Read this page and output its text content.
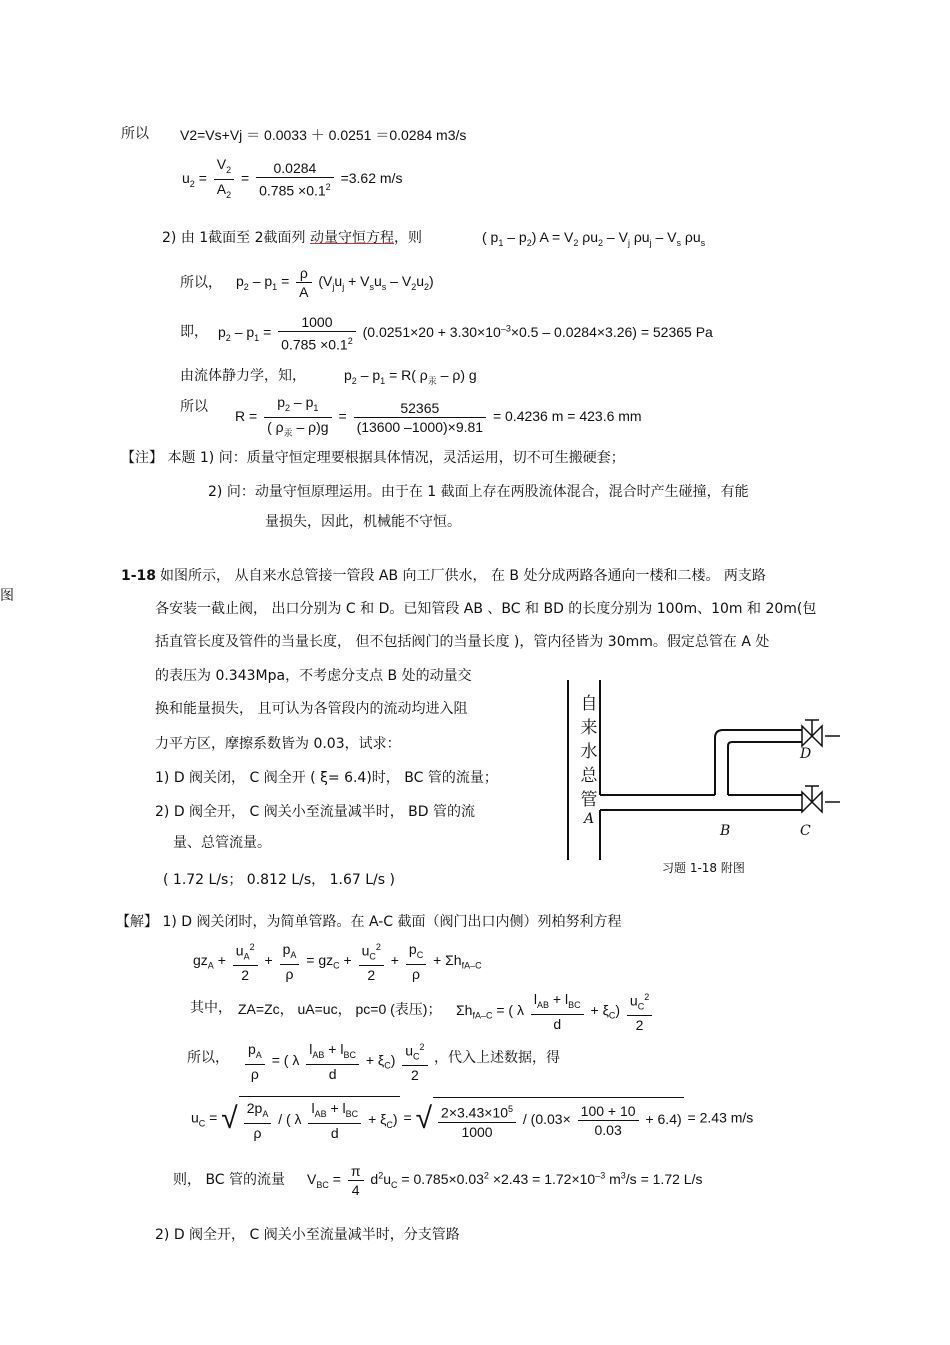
图
所以 V2=Vs+Vj ＝ 0.0033 ＋ 0.0251 ＝0.0284 m3/s
$u_2 = \frac{V_2}{A_2} = \frac{0.0284}{0.785 \times 0.1^2} =3.62$ m/s
2) 由 1截面至 2截面列 动量守恒方程，则	( $p_1 - p_2$) $A = V_2$ $\rho u_2 - V_j$ $\rho u_j - V_s$ $\rho u_s$
所以， $p_2 - p_1 = \frac{\rho}{A} (V_ju_j + V_su_s - V_2u_2)$
即， $p_2 - p_1 = \frac{1000}{0.785 \times 0.1^2} (0.0251\times 20 + 3.30\times 10^{-3}\times 0.5 - 0.0284\times 3.26) = 52365$ Pa
由流体静力学，知，	$p_2 - p_1 = R$( $\rho_汞 - \rho$) g
所以
$R = \frac{p_2 - p_1}{( \rho_汞 - \rho)g} = \frac{52365}{(13600 -1000)\times 9.81} = 0.4236$ m = 423.6 mm
【注】 本题 1) 问：质量守恒定理要根据具体情况，灵活运用，切不可生搬硬套；
2) 问：动量守恒原理运用。由于在 1 截面上存在两股流体混合，混合时产生碰撞，有能
量损失，因此，机械能不守恒。
1-18 如图所示， 从自来水总管接一管段 AB 向工厂供水， 在 B 处分成两路各通向一楼和二楼。 两支路
各安装一截止阀， 出口分别为 C 和 D。已知管段 AB 、BC 和 BD 的长度分别为 100m、10m 和 20m(包
括直管长度及管件的当量长度， 但不包括阀门的当量长度 )，管内径皆为 30mm。假定总管在 A 处
的表压为 0.343Mpa，不考虑分支点 B 处的动量交
换和能量损失， 且可认为各管段内的流动均进入阻
力平方区，摩擦系数皆为 0.03，试求：
1) D 阀关闭， C 阀全开 ( ξ= 6.4)时， BC 管的流量；
2) D 阀全开， C 阀关小至流量减半时， BD 管的流
量、总管流量。
( 1.72 L/s； 0.812 L/s， 1.67 L/s )
自
来
水
总
管
A
B	C
D
习题 1-18 附图
【解】 1) D 阀关闭时，为简单管路。在 A-C 截面（阀门出口内侧）列柏努利方程
$gz_A + \frac{u_A^2}{2} + \frac{p_A}{\rho} = gz_C + \frac{u_C^2}{2} + \frac{p_C}{\rho} + \Sigma h_{fA-C}$
其中， ZA=Zc， uA=uc， pc=0 (表压)； $\Sigma h_{fA-C}$ = ( λ $\frac{l_{AB} + l_{BC}}{d} + \xi_C) \frac{u_C^2}{2}$
所以， $\frac{p_A}{\rho}$ = ( λ $\frac{l_{AB} + l_{BC}}{d} + \xi_C) \frac{u_C^2}{2}$ ，代入上述数据，得
$u_C$ = √ $\frac{2p_A}{\rho}$ / ( λ $\frac{l_{AB} + l_{BC}}{d} + \xi_C$) = √ $\frac{2\times 3.43\times 10^5}{1000} / (0.03\times \frac{100 + 10}{0.03} + 6.4) = 2.43$ m/s
则， BC 管的流量 $V_{BC} = \frac{\pi}{4} d^2u_C = 0.785\times 0.03^2 \times 2.43 = 1.72\times 10^{-3}$ $m^3/s = 1.72$ L/s
2) D 阀全开， C 阀关小至流量减半时，分支管路
